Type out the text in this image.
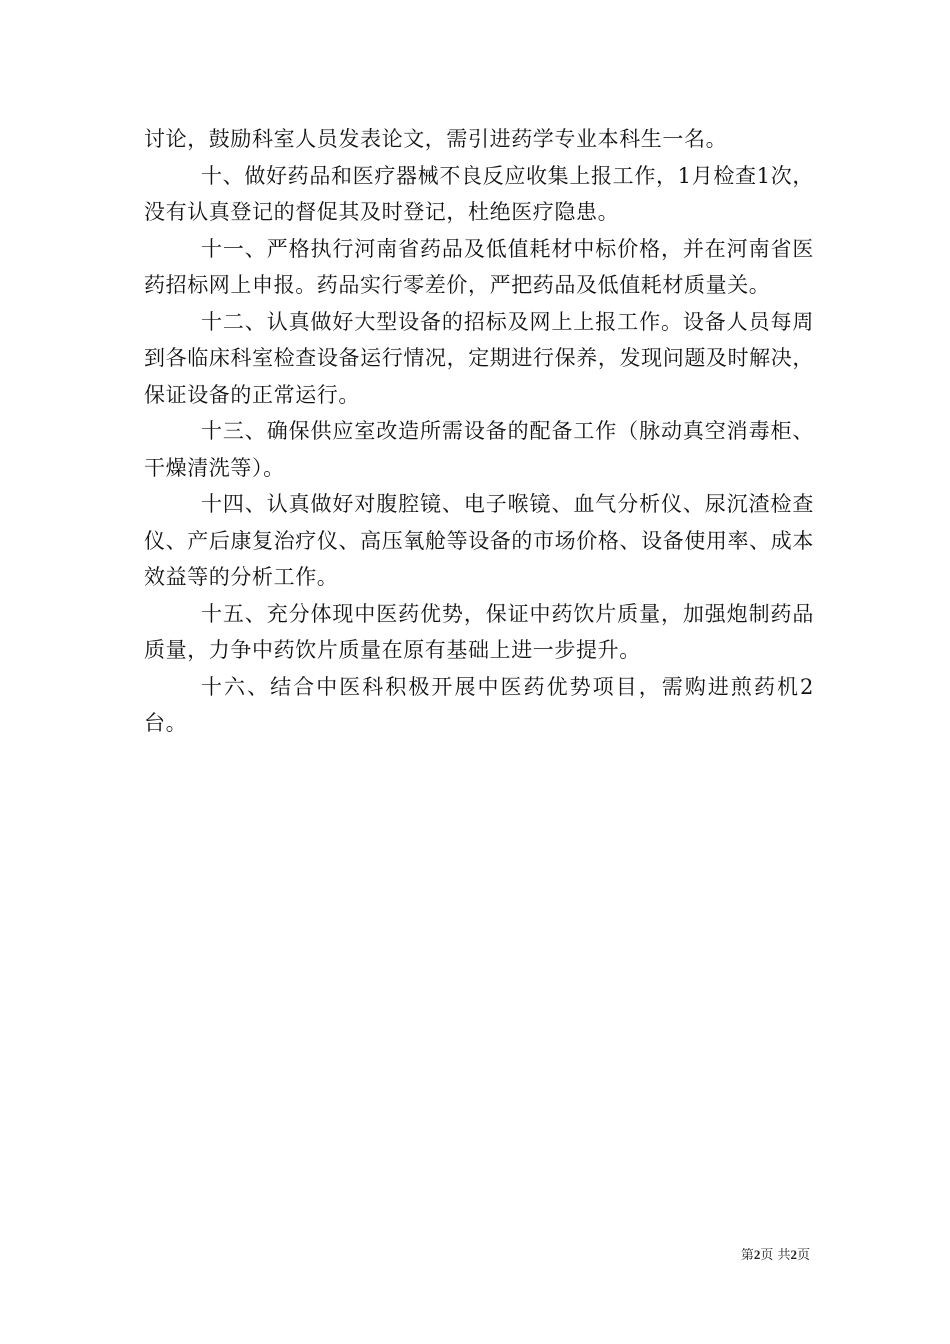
讨论，鼓励科室人员发表论文，需引进药学专业本科生一名。

十、做好药品和医疗器械不良反应收集上报工作，1月检查1次，没有认真登记的督促其及时登记，杜绝医疗隐患。

十一、严格执行河南省药品及低值耗材中标价格，并在河南省医药招标网上申报。药品实行零差价，严把药品及低值耗材质量关。

十二、认真做好大型设备的招标及网上上报工作。设备人员每周到各临床科室检查设备运行情况，定期进行保养，发现问题及时解决，保证设备的正常运行。

十三、确保供应室改造所需设备的配备工作（脉动真空消毒柜、干燥清洗等）。

十四、认真做好对腹腔镜、电子喉镜、血气分析仪、尿沉渣检查仪、产后康复治疗仪、高压氧舱等设备的市场价格、设备使用率、成本效益等的分析工作。

十五、充分体现中医药优势，保证中药饮片质量，加强炮制药品质量，力争中药饮片质量在原有基础上进一步提升。

十六、结合中医科积极开展中医药优势项目，需购进煎药机2台。

第2页 共2页
